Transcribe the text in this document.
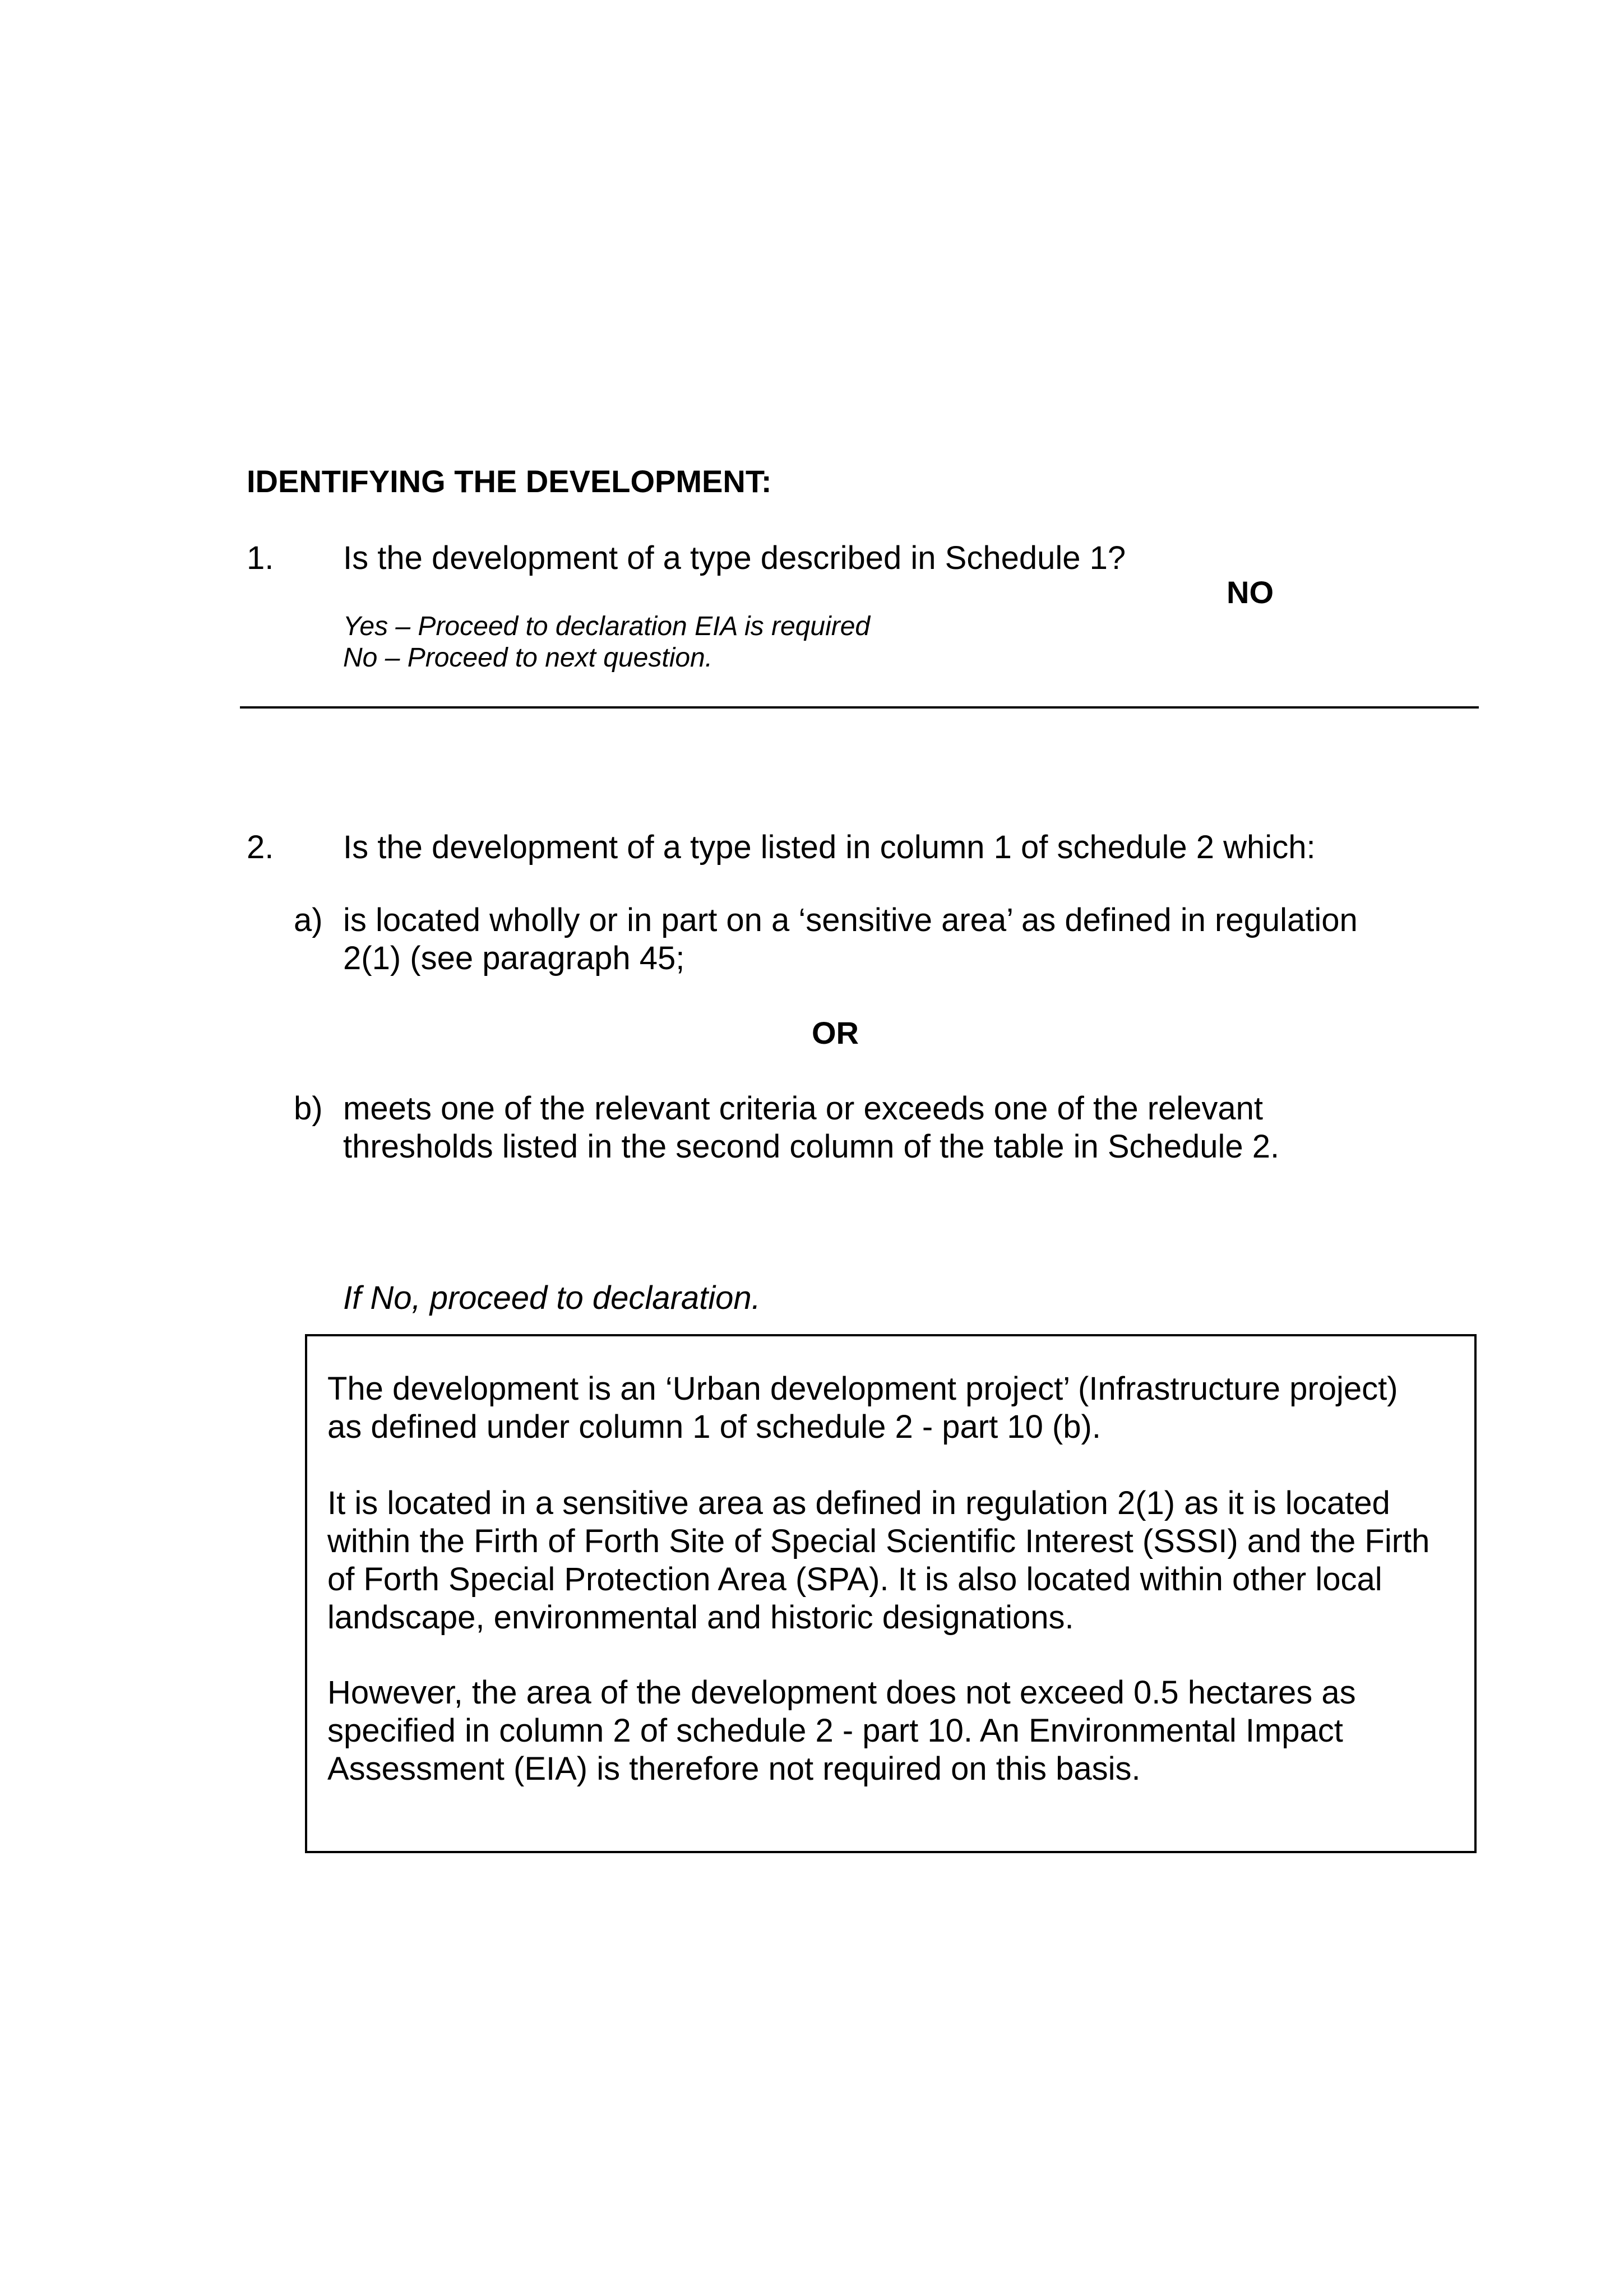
IDENTIFYING THE DEVELOPMENT:

1. Is the development of a type described in Schedule 1?
NO
Yes – Proceed to declaration EIA is required
No – Proceed to next question.
2. Is the development of a type listed in column 1 of schedule 2 which:
a) is located wholly or in part on a ‘sensitive area’ as defined in regulation
2(1) (see paragraph 45;
OR
b) meets one of the relevant criteria or exceeds one of the relevant
thresholds listed in the second column of the table in Schedule 2.
If No, proceed to declaration.

The development is an ‘Urban development project’ (Infrastructure project)
as defined under column 1 of schedule 2 - part 10 (b).

It is located in a sensitive area as defined in regulation 2(1) as it is located
within the Firth of Forth Site of Special Scientific Interest (SSSI) and the Firth
of Forth Special Protection Area (SPA). It is also located within other local
landscape, environmental and historic designations.

However, the area of the development does not exceed 0.5 hectares as
specified in column 2 of schedule 2 - part 10. An Environmental Impact
Assessment (EIA) is therefore not required on this basis.
